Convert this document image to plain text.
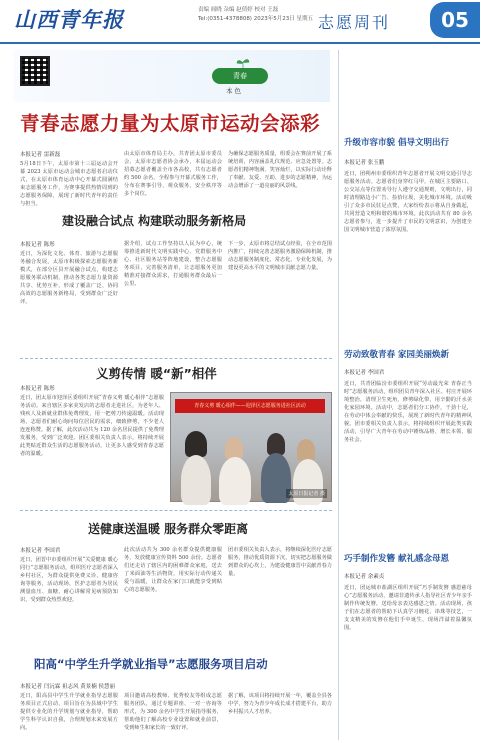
山西青年报	责编 阎晓 杂编 赵倩婷 校对 王磊
Tel:(0351-4378808) 2023年5月23日 星期五 志愿周刊	05
青春
本色
青春志愿力量为太原市运动会添彩
本报记者 雷新磊
5月18日下午，太原市第十三届运动会开幕 2023 太原市运动会城市志愿者启动仪式，在太原市体育运动中心开幕式圆满结束志愿服务工作，为赛事提供热情周到的志愿服务保障，展现了新时代青年的责任与担当。
由太原市体育局主办，共青团太原市委员会、太原市志愿者协会承办，本届运动会招募志愿者覆盖全市各高校，共有志愿者约 500 余名，全程参与开幕式服务工作，分布在赛事引导、观众服务、安全秩序等多个岗位。
为确保志愿服务质量，组委会在赛前开展了系统培训，内容涵盖礼仪规范、应急处置等。志愿者们精神饱满、笑容灿烂，以实际行动诠释了奉献、友爱、互助、进步的志愿精神，为运动会增添了一道亮丽的风景线。
建设融合试点 构建联动服务新格局
本报记者 陈彤
近日，为深化文化、体育、旅游与志愿服务融合发展，太原市积极探索志愿服务新模式，在部分区县开展融合试点，构建志愿服务联动机制，推动各类志愿力量资源共享、优势互补，形成了覆盖广泛、协同高效的志愿服务新格局，受到群众广泛好评。
据介绍，试点工作坚持以人民为中心，统筹推进新时代文明实践中心、党群服务中心、社区服务站等阵地建设，整合志愿服务项目，完善服务清单，让志愿服务更加精准对接群众需求，打通服务群众最后一公里。
下一步，太原市将总结试点经验，在全市范围内推广，持续完善志愿服务激励保障机制，推动志愿服务制度化、常态化、专业化发展，为建设更高水平的文明城市贡献志愿力量。
义剪传情 暖“新”相伴
本报记者 陈彤
近日，团太原市迎泽区委组织开展“青春义剪 暖心相伴”志愿服务活动。来自辖区多家美发店的志愿者走进社区，为老年人、残疾人及新就业群体免费理发，用一把剪刀传递温暖。活动现场，志愿者们耐心询问每位居民的需求，细致修剪，不少老人连连称赞。据了解，此次活动共为 120 余名居民提供了免费理发服务，受到广泛欢迎。团区委相关负责人表示，将持续开展此类贴近群众生活的志愿服务活动，让更多人感受到青春志愿者的温暖。
青春义剪 暖心相伴——迎泽区志愿服务进社区活动
太原日报记者 摄
送健康送温暖 服务群众零距离
本报记者 李国君
近日，团晋中市委组织开展“关爱健康 暖心同行”志愿服务活动，组织医疗志愿者深入乡村社区，为群众提供免费义诊、健康咨询等服务，活动现场，医护志愿者为居民测量血压、血糖，耐心讲解常见病预防知识，受到群众热烈欢迎。
此次活动共为 300 余名群众提供健康服务，发放健康宣传资料 500 余份。志愿者们还走访了辖区内的困难群众家庭，送去了米面油等生活物资，用实际行动传递关爱与温暖，让群众在家门口就能享受到贴心的志愿服务。
团市委相关负责人表示，将继续深化医疗志愿服务，推动优质资源下沉，切实把志愿服务做到群众的心坎上，为建设健康晋中贡献青春力量。
阳高“中学生升学就业指导”志愿服务项目启动
本报记者 闫沅霖 祖志风 黄景楠 侯慧丽
近日，阳高县中学生升学就业指导志愿服务项目正式启动，项目旨在为县域中学生提供专业化的升学规划与就业指导，帮助学生科学认识自我，合理规划未来发展方向。
项目邀请高校教师、优秀校友等组成志愿服务团队，通过专题讲座、一对一咨询等形式，为 300 余名中学生开展指导服务，帮助他们了解高校专业设置和就业前景，受到师生和家长的一致好评。
据了解，该项目将持续开展一年，覆盖全县各中学，努力为青少年成长成才搭建平台，助力乡村振兴人才培养。
升级市容市貌 倡导文明出行
本报记者 张玉鹏
近日，团朔州市委组织青年志愿者开展文明交通引导志愿服务活动。志愿者们身穿红马甲，在城区主要路口、公交站点等位置劝导行人遵守交通规则，文明出行，同时清理路边小广告、捡拾垃圾，美化城市环境。活动吸引了众多市民驻足点赞，大家纷纷表示将从自身做起，共同营造文明和谐的城市环境。此次活动共有 80 余名志愿者参与，进一步提升了市民的文明意识，为创建全国文明城市营造了浓厚氛围。
劳动致敬青春 家园美丽焕新
本报记者 李国君
近日，共青团临汾市委组织开展“劳动最光荣 青春正当时”志愿服务活动，组织团员青年深入社区、村庄开展环境整治，清理卫生死角，修剪绿化带，用辛勤的汗水美化家园环境。活动中，志愿者们分工协作，干劲十足，在劳动中体会奉献的快乐，展现了新时代青年的精神风貌。团市委相关负责人表示，将持续组织开展此类实践活动，引导广大青年在劳动中锤炼品格、增长本领、服务社会。
巧手制作发簪 献礼感念母恩
本报记者 余素贞
近日，团运城市盐湖区组织开展“巧手制发簪 感恩慈母心”志愿服务活动，邀请非遗传承人指导社区青少年亲手制作传统发簪，送给母亲表达感恩之情。活动现场，孩子们在志愿者的帮助下认真学习缠花、串珠等技艺，一支支精美的发簪在他们手中诞生，现场洋溢着温馨氛围。
